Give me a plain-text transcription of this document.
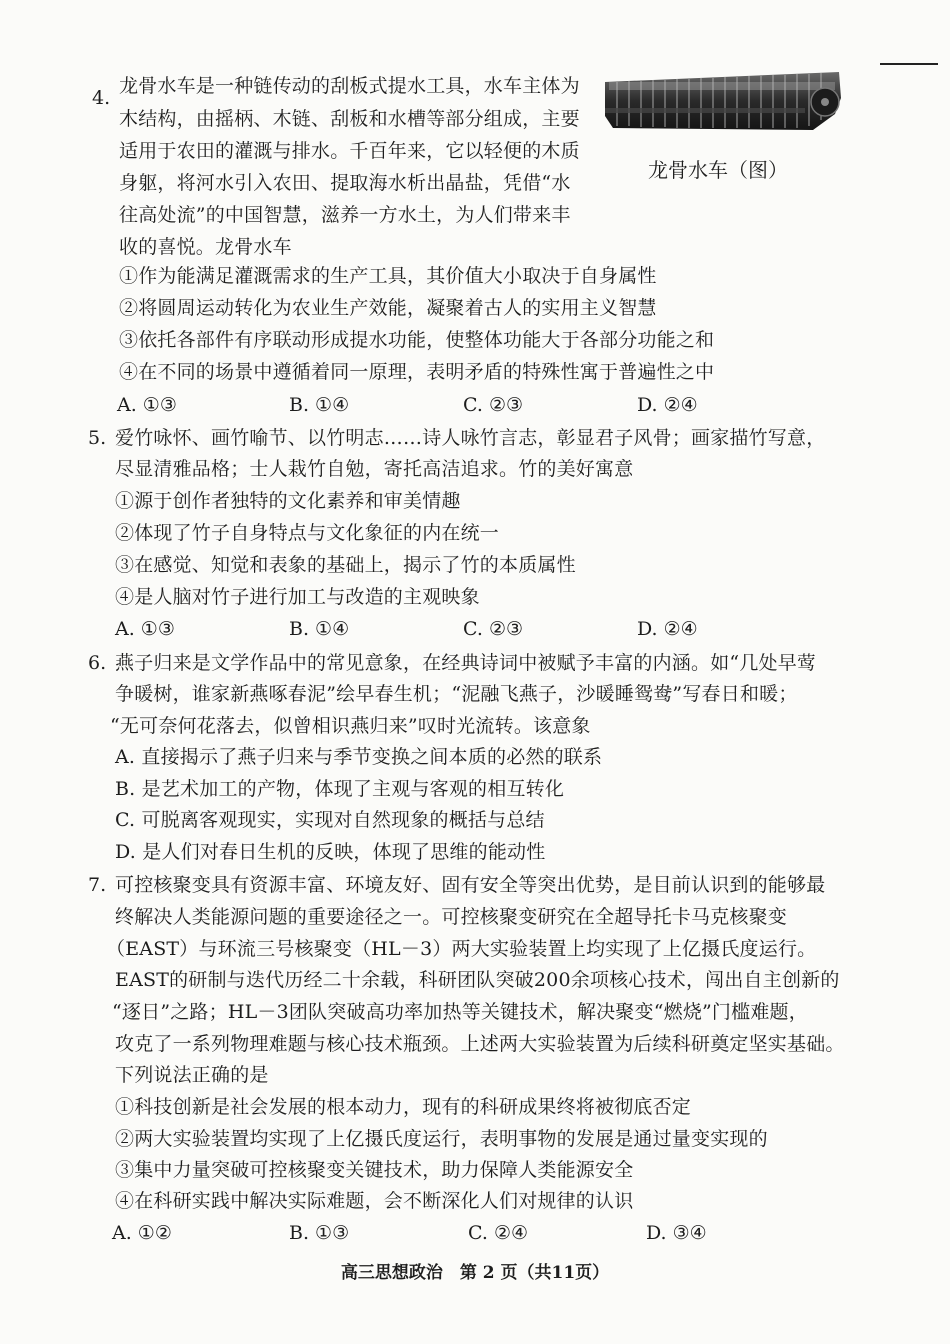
4.
龙骨水车是一种链传动的刮板式提水工具，水车主体为
木结构，由摇柄、木链、刮板和水槽等部分组成，主要
适用于农田的灌溉与排水。千百年来，它以轻便的木质
身躯，将河水引入农田、提取海水析出晶盐，凭借“水
往高处流”的中国智慧，滋养一方水土，为人们带来丰
收的喜悦。龙骨水车
龙骨水车（图）
①作为能满足灌溉需求的生产工具，其价值大小取决于自身属性
②将圆周运动转化为农业生产效能，凝聚着古人的实用主义智慧
③依托各部件有序联动形成提水功能，使整体功能大于各部分功能之和
④在不同的场景中遵循着同一原理，表明矛盾的特殊性寓于普遍性之中
A. ①③	B. ①④	C. ②③	D. ②④
5. 爱竹咏怀、画竹喻节、以竹明志……诗人咏竹言志，彰显君子风骨；画家描竹写意，
尽显清雅品格；士人栽竹自勉，寄托高洁追求。竹的美好寓意
①源于创作者独特的文化素养和审美情趣
②体现了竹子自身特点与文化象征的内在统一
③在感觉、知觉和表象的基础上，揭示了竹的本质属性
④是人脑对竹子进行加工与改造的主观映象
A. ①③	B. ①④	C. ②③	D. ②④
6. 燕子归来是文学作品中的常见意象，在经典诗词中被赋予丰富的内涵。如“几处早莺
争暖树，谁家新燕啄春泥”绘早春生机；“泥融飞燕子，沙暖睡鸳鸯”写春日和暖；
“无可奈何花落去，似曾相识燕归来”叹时光流转。该意象
A. 直接揭示了燕子归来与季节变换之间本质的必然的联系
B. 是艺术加工的产物，体现了主观与客观的相互转化
C. 可脱离客观现实，实现对自然现象的概括与总结
D. 是人们对春日生机的反映，体现了思维的能动性
7. 可控核聚变具有资源丰富、环境友好、固有安全等突出优势，是目前认识到的能够最
终解决人类能源问题的重要途径之一。可控核聚变研究在全超导托卡马克核聚变
（EAST）与环流三号核聚变（HL－3）两大实验装置上均实现了上亿摄氏度运行。
EAST的研制与迭代历经二十余载，科研团队突破200余项核心技术，闯出自主创新的
“逐日”之路；HL－3团队突破高功率加热等关键技术，解决聚变“燃烧”门槛难题，
攻克了一系列物理难题与核心技术瓶颈。上述两大实验装置为后续科研奠定坚实基础。
下列说法正确的是
①科技创新是社会发展的根本动力，现有的科研成果终将被彻底否定
②两大实验装置均实现了上亿摄氏度运行，表明事物的发展是通过量变实现的
③集中力量突破可控核聚变关键技术，助力保障人类能源安全
④在科研实践中解决实际难题，会不断深化人们对规律的认识
A. ①②	B. ①③	C. ②④	D. ③④
高三思想政治　第 2 页（共11页）
